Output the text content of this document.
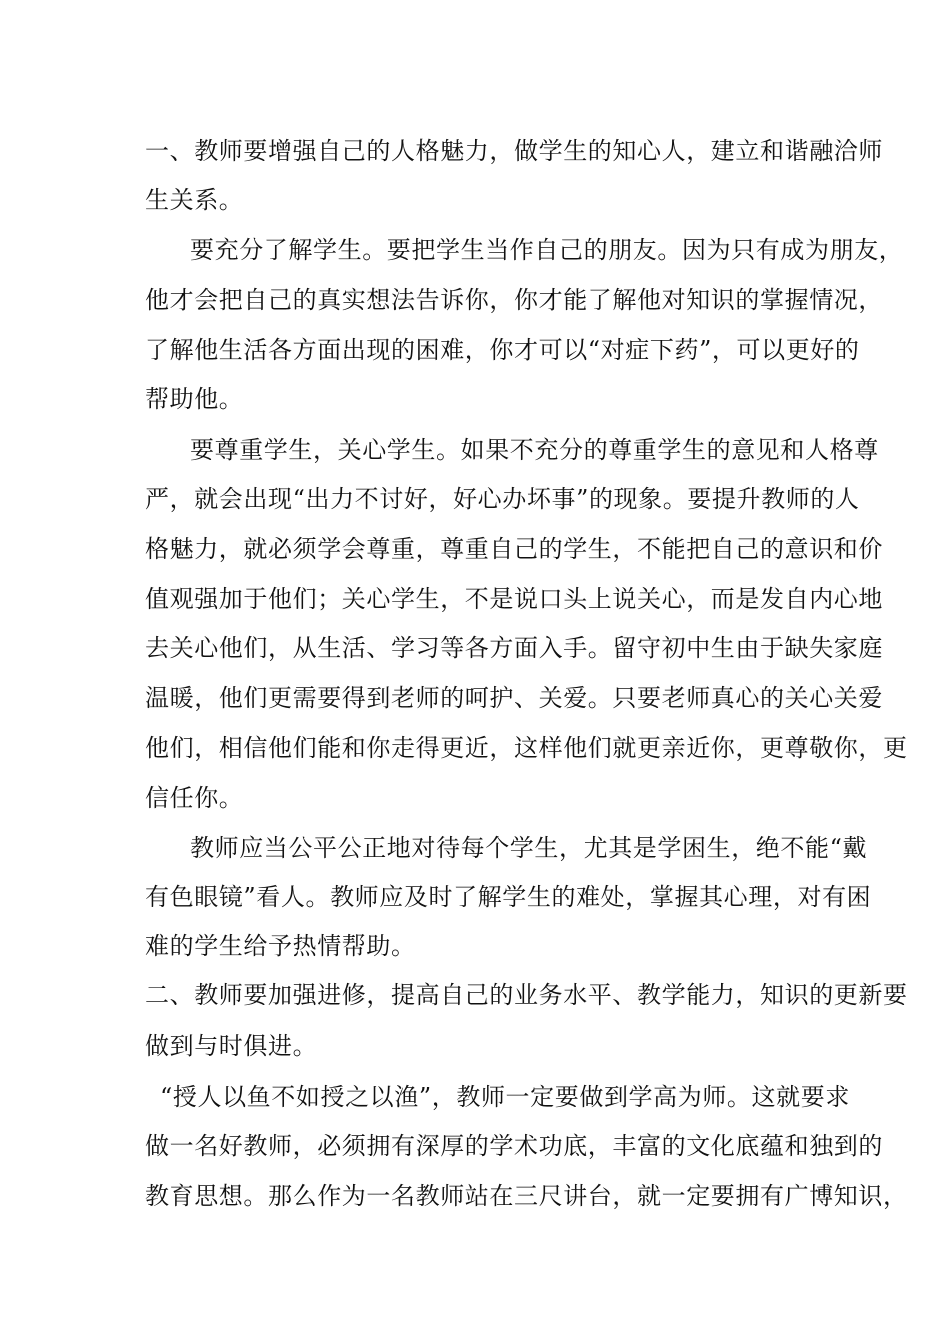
一、教师要增强自己的人格魅力，做学生的知心人，建立和谐融洽师
生关系。
要充分了解学生。要把学生当作自己的朋友。因为只有成为朋友，
他才会把自己的真实想法告诉你，你才能了解他对知识的掌握情况，
了解他生活各方面出现的困难，你才可以“对症下药”，可以更好的
帮助他。
要尊重学生，关心学生。如果不充分的尊重学生的意见和人格尊
严，就会出现“出力不讨好，好心办坏事”的现象。要提升教师的人
格魅力，就必须学会尊重，尊重自己的学生，不能把自己的意识和价
值观强加于他们；关心学生，不是说口头上说关心，而是发自内心地
去关心他们，从生活、学习等各方面入手。留守初中生由于缺失家庭
温暖，他们更需要得到老师的呵护、关爱。只要老师真心的关心关爱
他们，相信他们能和你走得更近，这样他们就更亲近你，更尊敬你，更
信任你。
教师应当公平公正地对待每个学生，尤其是学困生，绝不能“戴
有色眼镜”看人。教师应及时了解学生的难处，掌握其心理，对有困
难的学生给予热情帮助。
二、教师要加强进修，提高自己的业务水平、教学能力，知识的更新要
做到与时俱进。
“授人以鱼不如授之以渔”，教师一定要做到学高为师。这就要求
做一名好教师，必须拥有深厚的学术功底，丰富的文化底蕴和独到的
教育思想。那么作为一名教师站在三尺讲台，就一定要拥有广博知识，
